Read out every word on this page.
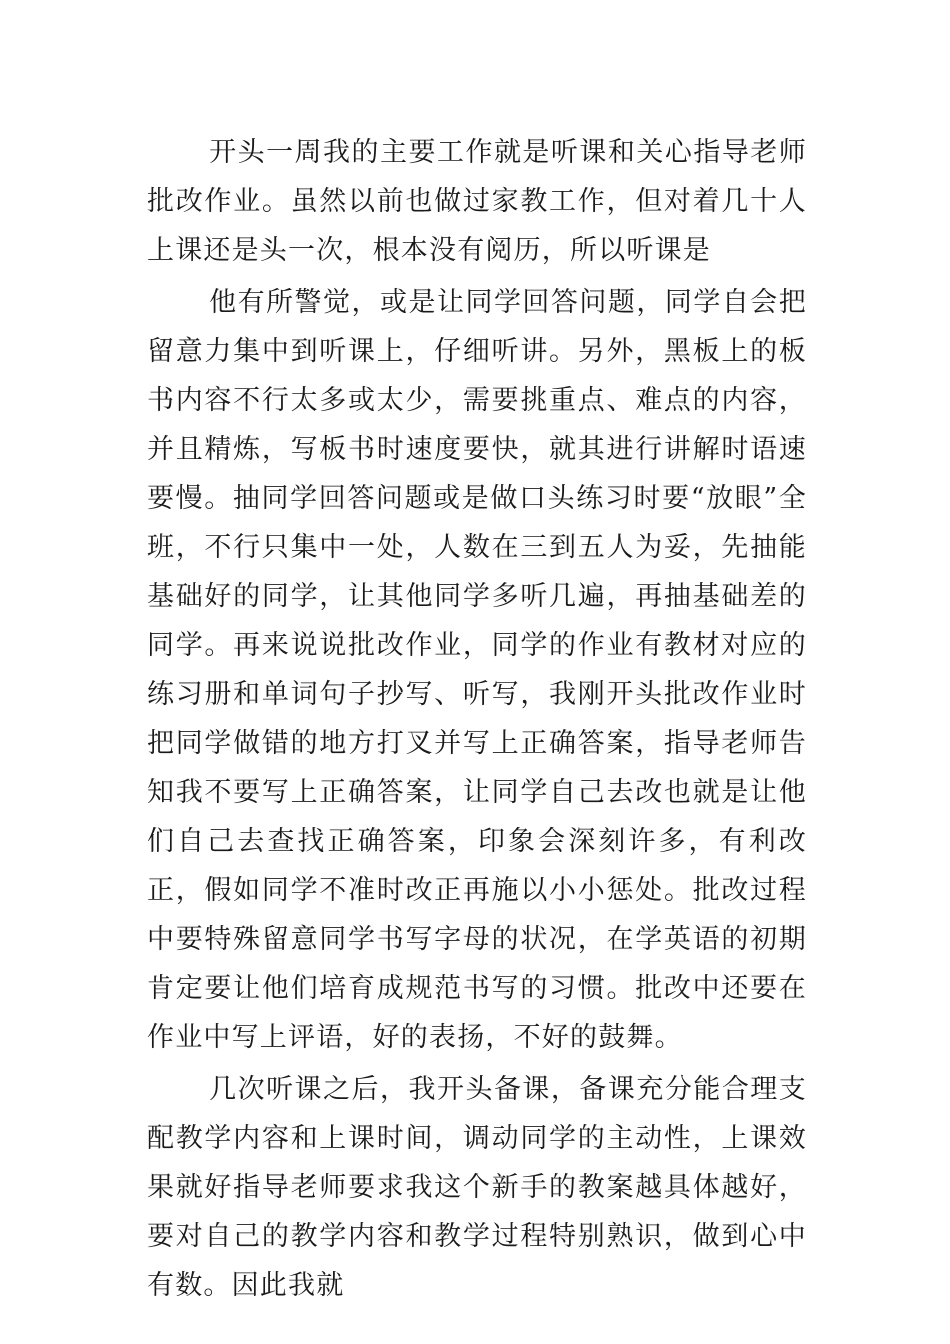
开头一周我的主要工作就是听课和关心指导老师批改作业。虽然以前也做过家教工作，但对着几十人上课还是头一次，根本没有阅历，所以听课是

他有所警觉，或是让同学回答问题，同学自会把留意力集中到听课上，仔细听讲。另外，黑板上的板书内容不行太多或太少，需要挑重点、难点的内容，并且精炼，写板书时速度要快，就其进行讲解时语速要慢。抽同学回答问题或是做口头练习时要“放眼”全班，不行只集中一处，人数在三到五人为妥，先抽能基础好的同学，让其他同学多听几遍，再抽基础差的同学。再来说说批改作业，同学的作业有教材对应的练习册和单词句子抄写、听写，我刚开头批改作业时把同学做错的地方打叉并写上正确答案，指导老师告知我不要写上正确答案，让同学自己去改也就是让他们自己去查找正确答案，印象会深刻许多，有利改正，假如同学不准时改正再施以小小惩处。批改过程中要特殊留意同学书写字母的状况，在学英语的初期肯定要让他们培育成规范书写的习惯。批改中还要在作业中写上评语，好的表扬，不好的鼓舞。

几次听课之后，我开头备课，备课充分能合理支配教学内容和上课时间，调动同学的主动性，上课效果就好指导老师要求我这个新手的教案越具体越好，要对自己的教学内容和教学过程特别熟识，做到心中有数。因此我就
